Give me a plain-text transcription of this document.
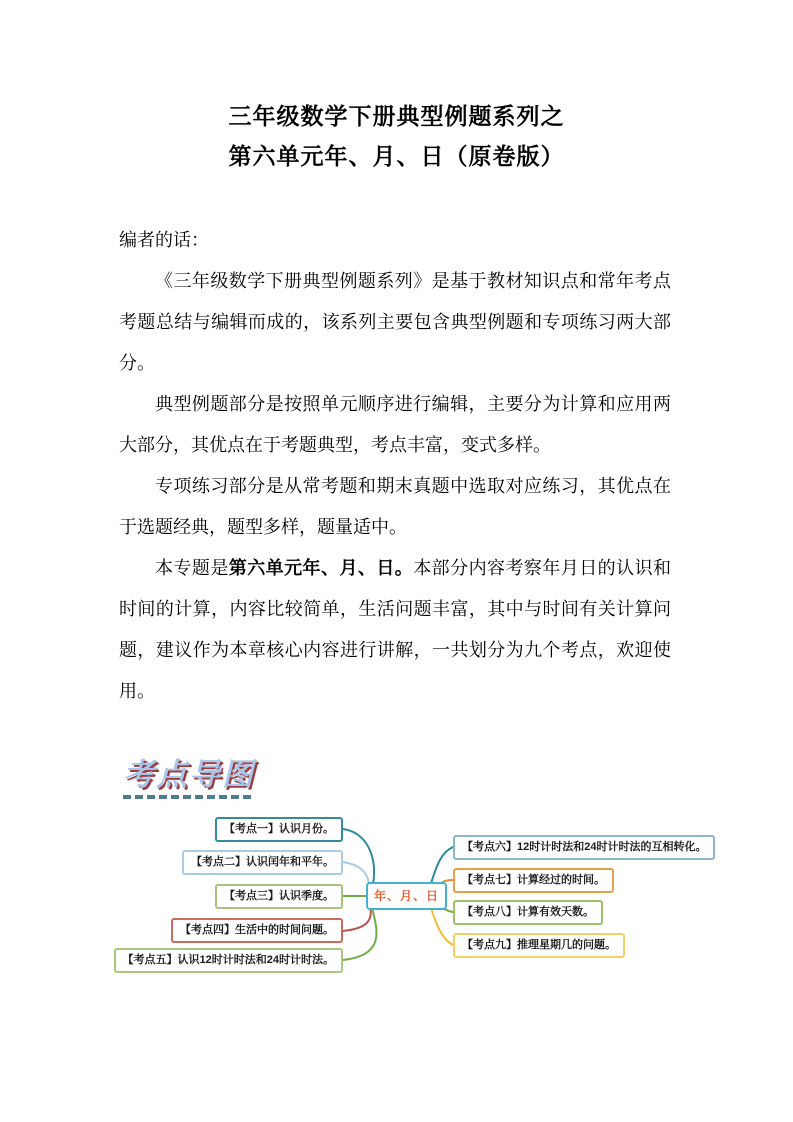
三年级数学下册典型例题系列之
第六单元年、月、日（原卷版）

编者的话：

《三年级数学下册典型例题系列》是基于教材知识点和常年考点考题总结与编辑而成的，该系列主要包含典型例题和专项练习两大部分。

典型例题部分是按照单元顺序进行编辑，主要分为计算和应用两大部分，其优点在于考题典型，考点丰富，变式多样。

专项练习部分是从常考题和期末真题中选取对应练习，其优点在于选题经典，题型多样，题量适中。

本专题是第六单元年、月、日。本部分内容考察年月日的认识和时间的计算，内容比较简单，生活问题丰富，其中与时间有关计算问题，建议作为本章核心内容进行讲解，一共划分为九个考点，欢迎使用。

考点导图
【考点一】认识月份。
【考点二】认识闰年和平年。
【考点三】认识季度。
【考点四】生活中的时间问题。
【考点五】认识12时计时法和24时计时法。
年、月、日
【考点六】12时计时法和24时计时法的互相转化。
【考点七】计算经过的时间。
【考点八】计算有效天数。
【考点九】推理星期几的问题。
